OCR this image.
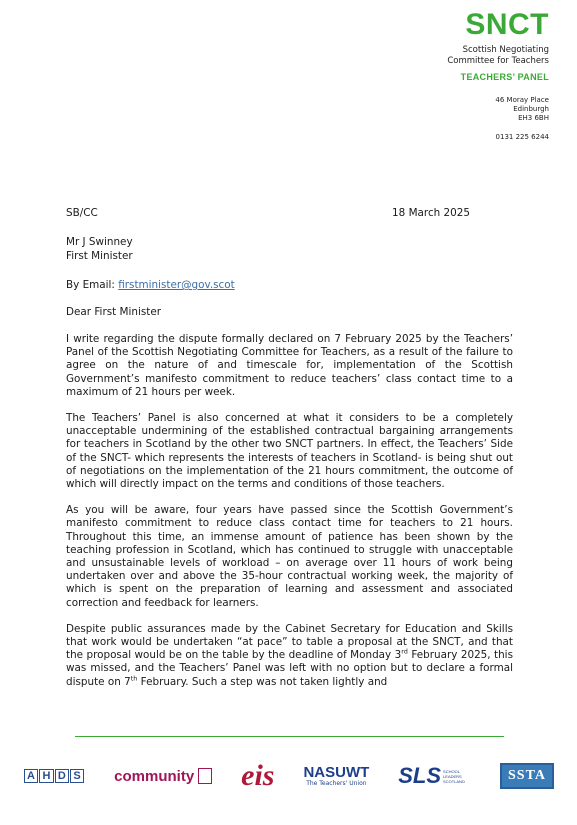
SNCT
Scottish Negotiating
Committee for Teachers
TEACHERS’ PANEL
46 Moray Place
Edinburgh
EH3 6BH
0131 225 6244
SB/CC	18 March 2025
Mr J Swinney
First Minister
By Email: firstminister@gov.scot
Dear First Minister

I write regarding the dispute formally declared on 7 February 2025 by the Teachers’ Panel of the Scottish Negotiating Committee for Teachers, as a result of the failure to agree on the nature of and timescale for, implementation of the Scottish Government’s manifesto commitment to reduce teachers’ class contact time to a maximum of 21 hours per week.

The Teachers’ Panel is also concerned at what it considers to be a completely unacceptable undermining of the established contractual bargaining arrangements for teachers in Scotland by the other two SNCT partners. In effect, the Teachers’ Side of the SNCT- which represents the interests of teachers in Scotland- is being shut out of negotiations on the implementation of the 21 hours commitment, the outcome of which will directly impact on the terms and conditions of those teachers.

As you will be aware, four years have passed since the Scottish Government’s manifesto commitment to reduce class contact time for teachers to 21 hours. Throughout this time, an immense amount of patience has been shown by the teaching profession in Scotland, which has continued to struggle with unacceptable and unsustainable levels of workload – on average over 11 hours of work being undertaken over and above the 35-hour contractual working week, the majority of which is spent on the preparation of learning and assessment and associated correction and feedback for learners.

Despite public assurances made by the Cabinet Secretary for Education and Skills that work would be undertaken “at pace” to table a proposal at the SNCT, and that the proposal would be on the table by the deadline of Monday 3rd February 2025, this was missed, and the Teachers’ Panel was left with no option but to declare a formal dispute on 7th February. Such a step was not taken lightly and

A H D S community eis NASUWT
The Teachers' Union SLS SCHOOL LEADERS SCOTLAND	SSTA
